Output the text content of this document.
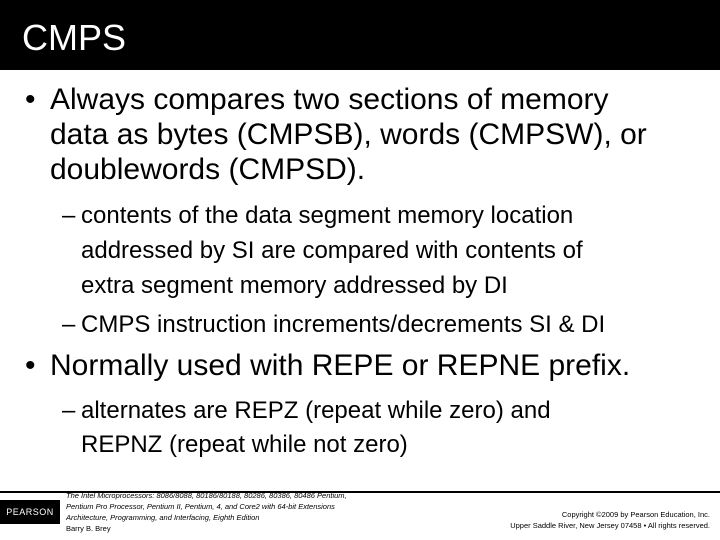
CMPS
• Always compares two sections of memory
data as bytes (CMPSB), words (CMPSW), or
doublewords (CMPSD).
– contents of the data segment memory location
addressed by SI are compared with contents of
extra segment memory addressed by DI
– CMPS instruction increments/decrements SI & DI
• Normally used with REPE or REPNE prefix.
– alternates are REPZ (repeat while zero) and
REPNZ (repeat while not zero)
PEARSON
The Intel Microprocessors: 8086/8088, 80186/80188, 80286, 80386, 80486 Pentium,
Pentium Pro Processor, Pentium II, Pentium, 4, and Core2 with 64-bit Extensions
Architecture, Programming, and Interfacing, Eighth Edition
Barry B. Brey
Copyright ©2009 by Pearson Education, Inc.
Upper Saddle River, New Jersey 07458 • All rights reserved.
